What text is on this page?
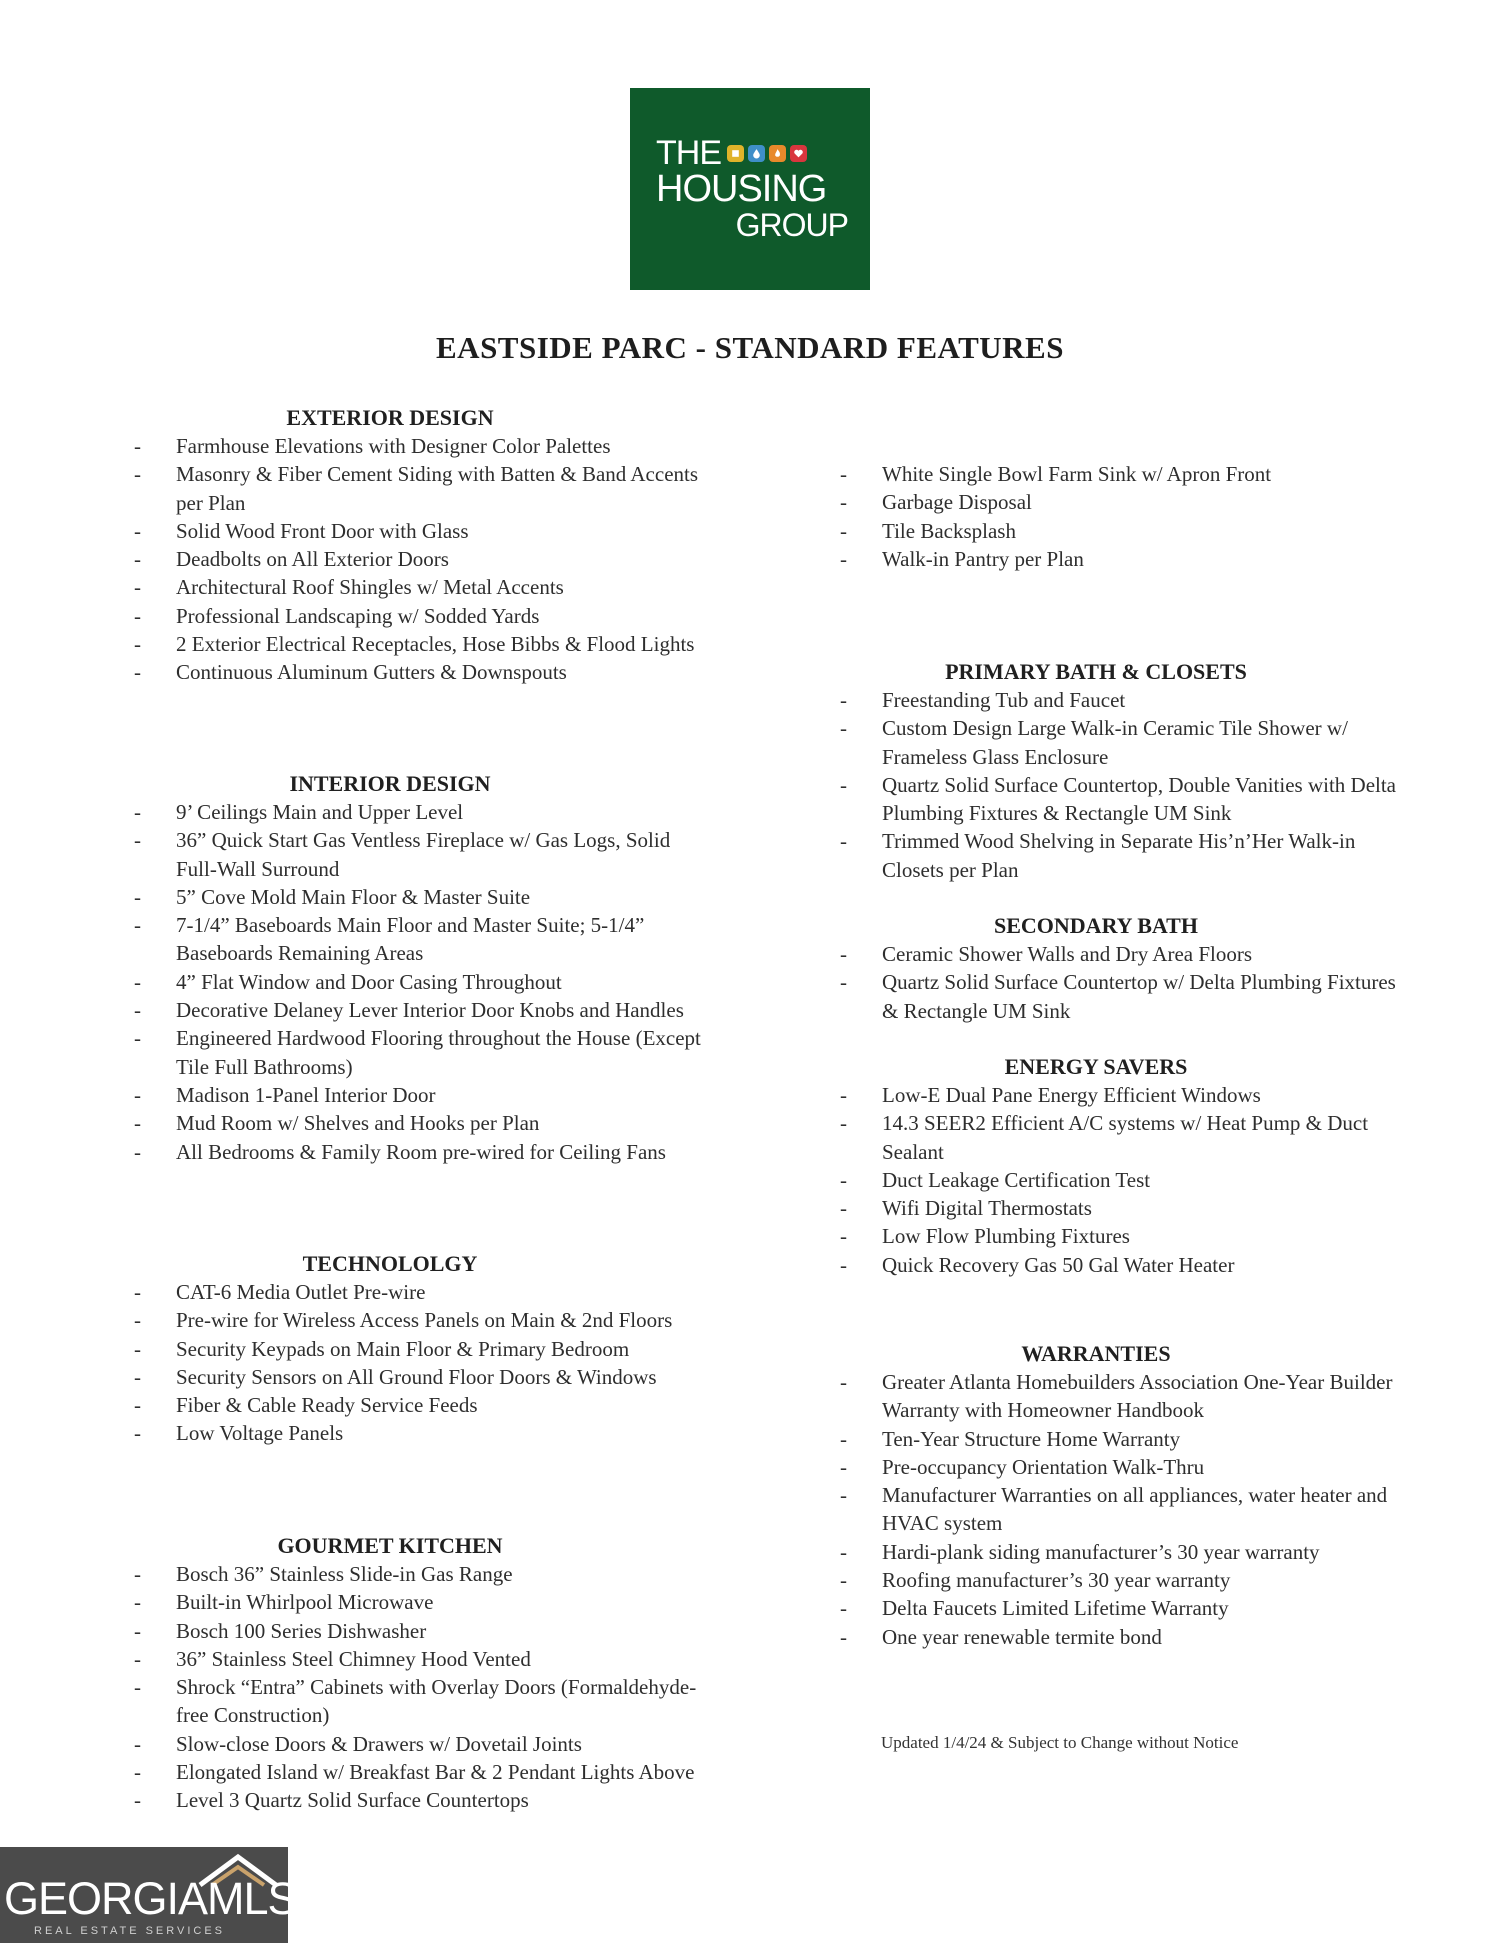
THE
HOUSING
GROUP
EASTSIDE PARC - STANDARD FEATURES
EXTERIOR DESIGN
- Farmhouse Elevations with Designer Color Palettes
- Masonry & Fiber Cement Siding with Batten & Band Accents per Plan
- Solid Wood Front Door with Glass
- Deadbolts on All Exterior Doors
- Architectural Roof Shingles w/ Metal Accents
- Professional Landscaping w/ Sodded Yards
- 2 Exterior Electrical Receptacles, Hose Bibbs & Flood Lights
- Continuous Aluminum Gutters & Downspouts
INTERIOR DESIGN
- 9’ Ceilings Main and Upper Level
- 36” Quick Start Gas Ventless Fireplace w/ Gas Logs, Solid Full-Wall Surround
- 5” Cove Mold Main Floor & Master Suite
- 7-1/4” Baseboards Main Floor and Master Suite; 5-1/4” Baseboards Remaining Areas
- 4” Flat Window and Door Casing Throughout
- Decorative Delaney Lever Interior Door Knobs and Handles
- Engineered Hardwood Flooring throughout the House (Except Tile Full Bathrooms)
- Madison 1-Panel Interior Door
- Mud Room w/ Shelves and Hooks per Plan
- All Bedrooms & Family Room pre-wired for Ceiling Fans
TECHNOLOLGY
- CAT-6 Media Outlet Pre-wire
- Pre-wire for Wireless Access Panels on Main & 2nd Floors
- Security Keypads on Main Floor & Primary Bedroom
- Security Sensors on All Ground Floor Doors & Windows
- Fiber & Cable Ready Service Feeds
- Low Voltage Panels
GOURMET KITCHEN
- Bosch 36” Stainless Slide-in Gas Range
- Built-in Whirlpool Microwave
- Bosch 100 Series Dishwasher
- 36” Stainless Steel Chimney Hood Vented
- Shrock “Entra” Cabinets with Overlay Doors (Formaldehyde-free Construction)
- Slow-close Doors & Drawers w/ Dovetail Joints
- Elongated Island w/ Breakfast Bar & 2 Pendant Lights Above
- Level 3 Quartz Solid Surface Countertops
- White Single Bowl Farm Sink w/ Apron Front
- Garbage Disposal
- Tile Backsplash
- Walk-in Pantry per Plan
PRIMARY BATH & CLOSETS
- Freestanding Tub and Faucet
- Custom Design Large Walk-in Ceramic Tile Shower w/ Frameless Glass Enclosure
- Quartz Solid Surface Countertop, Double Vanities with Delta Plumbing Fixtures & Rectangle UM Sink
- Trimmed Wood Shelving in Separate His’n’Her Walk-in Closets per Plan
SECONDARY BATH
- Ceramic Shower Walls and Dry Area Floors
- Quartz Solid Surface Countertop w/ Delta Plumbing Fixtures & Rectangle UM Sink
ENERGY SAVERS
- Low-E Dual Pane Energy Efficient Windows
- 14.3 SEER2 Efficient A/C systems w/ Heat Pump & Duct Sealant
- Duct Leakage Certification Test
- Wifi Digital Thermostats
- Low Flow Plumbing Fixtures
- Quick Recovery Gas 50 Gal Water Heater
WARRANTIES
- Greater Atlanta Homebuilders Association One-Year Builder Warranty with Homeowner Handbook
- Ten-Year Structure Home Warranty
- Pre-occupancy Orientation Walk-Thru
- Manufacturer Warranties on all appliances, water heater and HVAC system
- Hardi-plank siding manufacturer’s 30 year warranty
- Roofing manufacturer’s 30 year warranty
- Delta Faucets Limited Lifetime Warranty
- One year renewable termite bond
Updated 1/4/24 & Subject to Change without Notice
GEORGIAMLS
REAL ESTATE SERVICES
